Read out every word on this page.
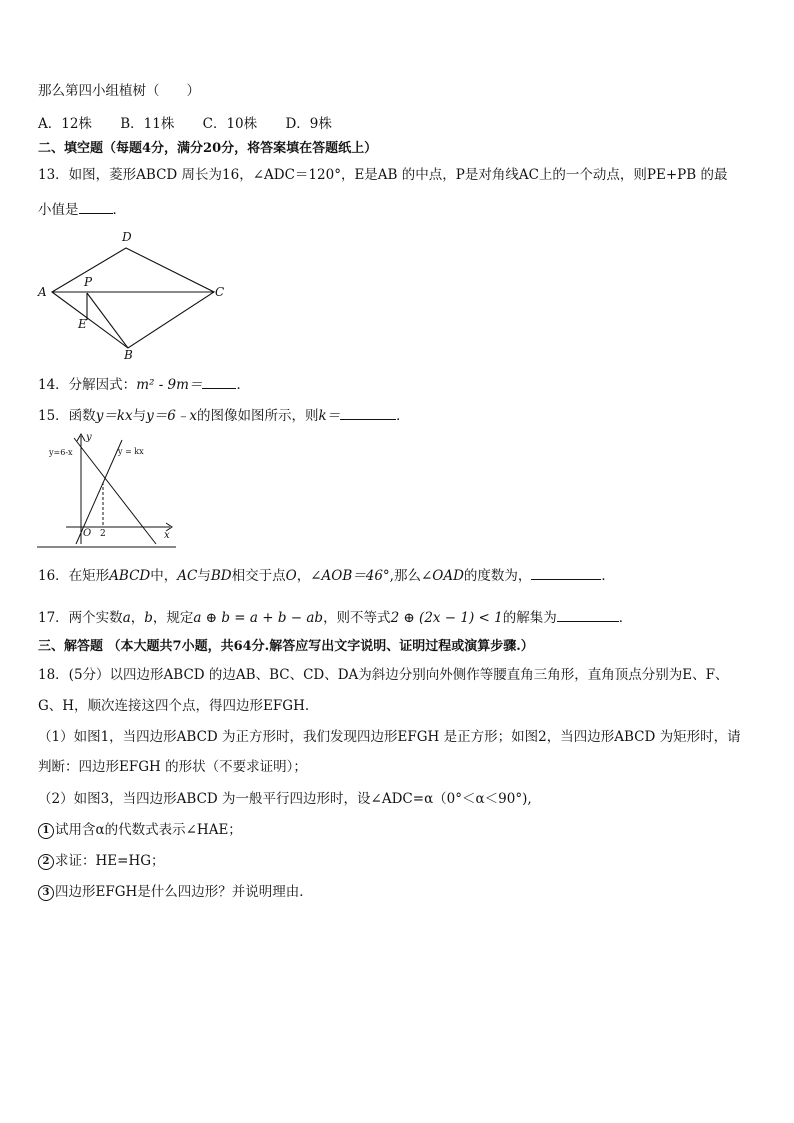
那么第四小组植树（　　）
A．12株 B．11株 C．10株 D．9株
二、填空题（每题4分，满分20分，将答案填在答题纸上）
13．如图，菱形ABCD 周长为16，∠ADC＝120°，E是AB 的中点，P是对角线AC上的一个动点，则PE+PB 的最
小值是	．
A
D
C
B
E
P
14．分解因式：m² - 9m＝	．
15．函数y＝kx与y＝6﹣x的图像如图所示，则k＝	．
y=6-x	y = kx
y
x
O 2
16．在矩形ABCD中，AC与BD相交于点O，∠AOB＝46°,那么∠OAD的度数为，	．
17．两个实数a，b，规定a ⊕ b = a + b − ab，则不等式2 ⊕ (2x − 1) < 1的解集为	．
三、解答题 （本大题共7小题，共64分.解答应写出文字说明、证明过程或演算步骤.）
18．(5分）以四边形ABCD 的边AB、BC、CD、DA为斜边分别向外侧作等腰直角三角形，直角顶点分别为E、F、
G、H，顺次连接这四个点，得四边形EFGH.
（1）如图1，当四边形ABCD 为正方形时，我们发现四边形EFGH 是正方形；如图2，当四边形ABCD 为矩形时，请
判断：四边形EFGH 的形状（不要求证明）；
（2）如图3，当四边形ABCD 为一般平行四边形时，设∠ADC=α（0°＜α＜90°),
1 试用含α的代数式表示∠HAE；
2 求证：HE=HG；
3 四边形EFGH是什么四边形？并说明理由．
